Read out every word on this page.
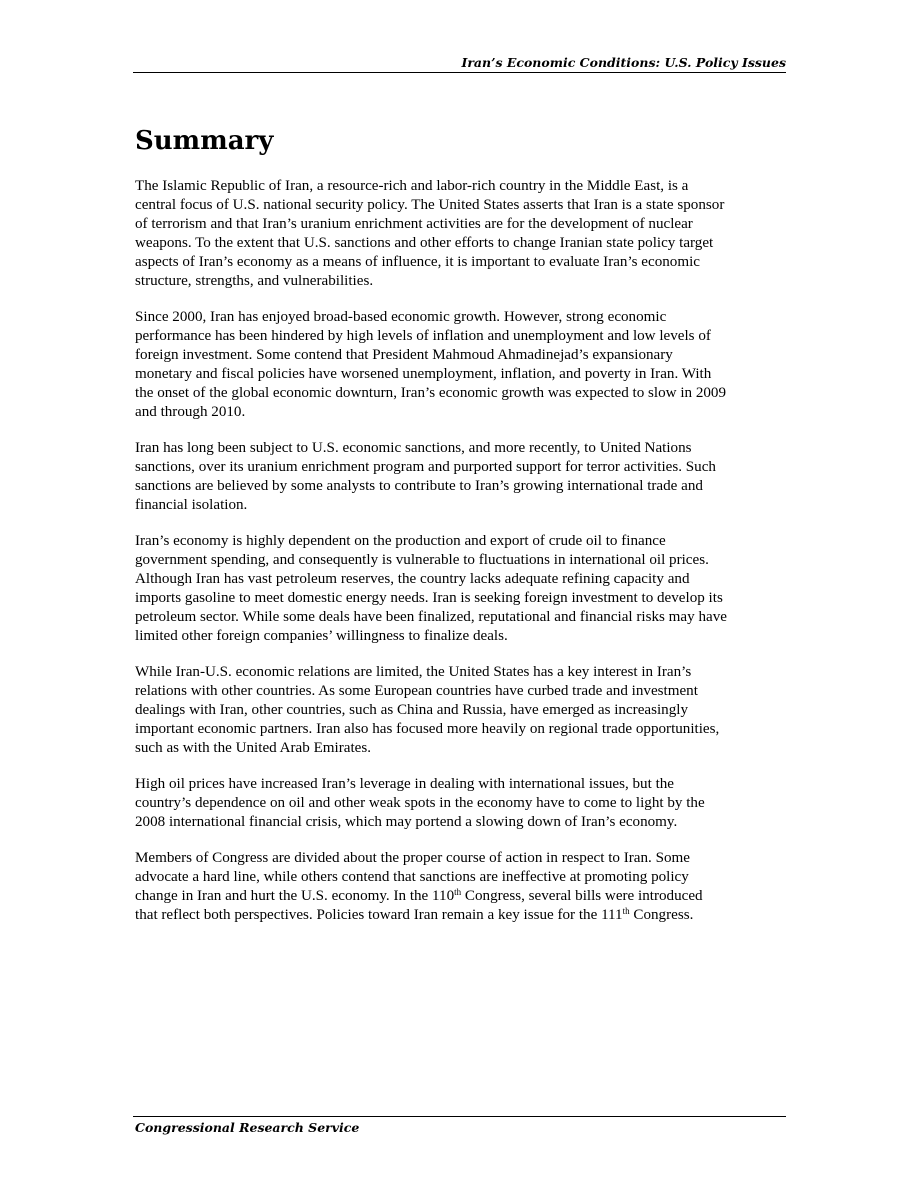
Iran’s Economic Conditions: U.S. Policy Issues
Summary

The Islamic Republic of Iran, a resource-rich and labor-rich country in the Middle East, is a
central focus of U.S. national security policy. The United States asserts that Iran is a state sponsor
of terrorism and that Iran’s uranium enrichment activities are for the development of nuclear
weapons. To the extent that U.S. sanctions and other efforts to change Iranian state policy target
aspects of Iran’s economy as a means of influence, it is important to evaluate Iran’s economic
structure, strengths, and vulnerabilities.

Since 2000, Iran has enjoyed broad-based economic growth. However, strong economic
performance has been hindered by high levels of inflation and unemployment and low levels of
foreign investment. Some contend that President Mahmoud Ahmadinejad’s expansionary
monetary and fiscal policies have worsened unemployment, inflation, and poverty in Iran. With
the onset of the global economic downturn, Iran’s economic growth was expected to slow in 2009
and through 2010.

Iran has long been subject to U.S. economic sanctions, and more recently, to United Nations
sanctions, over its uranium enrichment program and purported support for terror activities. Such
sanctions are believed by some analysts to contribute to Iran’s growing international trade and
financial isolation.

Iran’s economy is highly dependent on the production and export of crude oil to finance
government spending, and consequently is vulnerable to fluctuations in international oil prices.
Although Iran has vast petroleum reserves, the country lacks adequate refining capacity and
imports gasoline to meet domestic energy needs. Iran is seeking foreign investment to develop its
petroleum sector. While some deals have been finalized, reputational and financial risks may have
limited other foreign companies’ willingness to finalize deals.

While Iran-U.S. economic relations are limited, the United States has a key interest in Iran’s
relations with other countries. As some European countries have curbed trade and investment
dealings with Iran, other countries, such as China and Russia, have emerged as increasingly
important economic partners. Iran also has focused more heavily on regional trade opportunities,
such as with the United Arab Emirates.

High oil prices have increased Iran’s leverage in dealing with international issues, but the
country’s dependence on oil and other weak spots in the economy have to come to light by the
2008 international financial crisis, which may portend a slowing down of Iran’s economy.

Members of Congress are divided about the proper course of action in respect to Iran. Some
advocate a hard line, while others contend that sanctions are ineffective at promoting policy
change in Iran and hurt the U.S. economy. In the 110th Congress, several bills were introduced
that reflect both perspectives. Policies toward Iran remain a key issue for the 111th Congress.

Congressional Research Service
